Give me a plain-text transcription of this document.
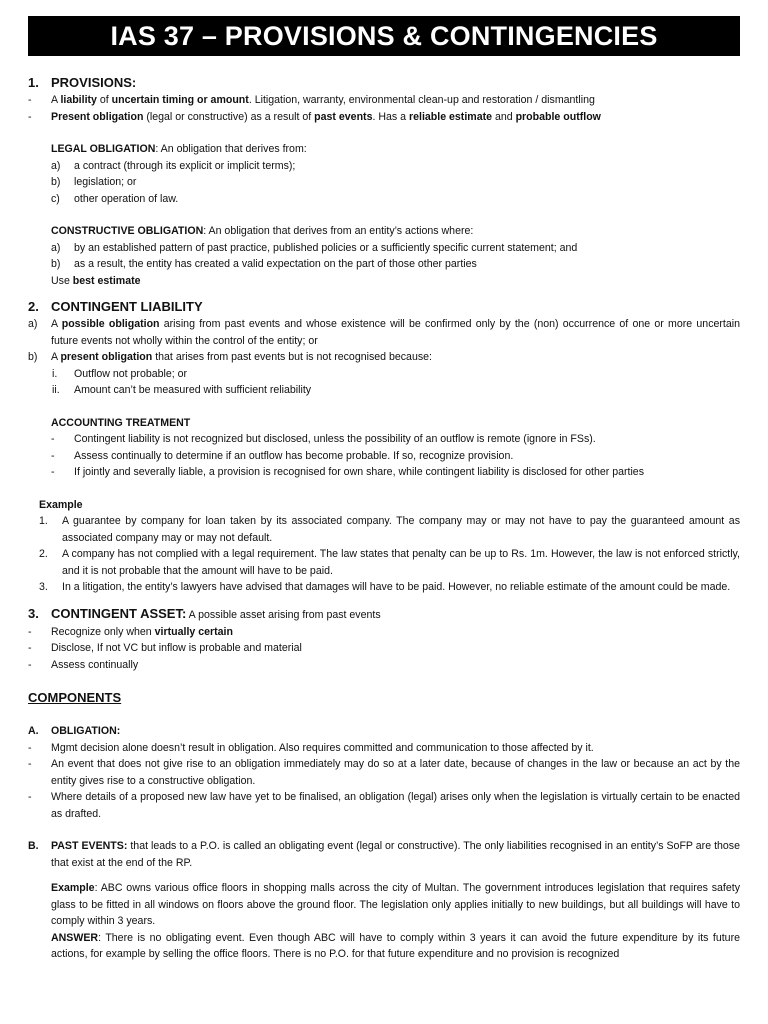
IAS 37 – PROVISIONS & CONTINGENCIES
1. PROVISIONS:
-	A liability of uncertain timing or amount. Litigation, warranty, environmental clean-up and restoration / dismantling
-	Present obligation (legal or constructive) as a result of past events. Has a reliable estimate and probable outflow
LEGAL OBLIGATION: An obligation that derives from:
a)	a contract (through its explicit or implicit terms);
b)	legislation; or
c)	other operation of law.
CONSTRUCTIVE OBLIGATION: An obligation that derives from an entity’s actions where:
a)	by an established pattern of past practice, published policies or a sufficiently specific current statement; and
b)	as a result, the entity has created a valid expectation on the part of those other parties
Use best estimate
2. CONTINGENT LIABILITY
a)	A possible obligation arising from past events and whose existence will be confirmed only by the (non) occurrence of one or more uncertain future events not wholly within the control of the entity; or
b)	A present obligation that arises from past events but is not recognised because:
i.	Outflow not probable; or
ii.	Amount can’t be measured with sufficient reliability
ACCOUNTING TREATMENT
-	Contingent liability is not recognized but disclosed, unless the possibility of an outflow is remote (ignore in FSs).
-	Assess continually to determine if an outflow has become probable. If so, recognize provision.
-	If jointly and severally liable, a provision is recognised for own share, while contingent liability is disclosed for other parties
Example
1.	A guarantee by company for loan taken by its associated company. The company may or may not have to pay the guaranteed amount as associated company may or may not default.
2.	A company has not complied with a legal requirement. The law states that penalty can be up to Rs. 1m. However, the law is not enforced strictly, and it is not probable that the amount will have to be paid.
3.	In a litigation, the entity’s lawyers have advised that damages will have to be paid. However, no reliable estimate of the amount could be made.
3. CONTINGENT ASSET: A possible asset arising from past events
-	Recognize only when virtually certain
-	Disclose, If not VC but inflow is probable and material
-	Assess continually
COMPONENTS
A.	OBLIGATION:
-	Mgmt decision alone doesn’t result in obligation. Also requires committed and communication to those affected by it.
-	An event that does not give rise to an obligation immediately may do so at a later date, because of changes in the law or because an act by the entity gives rise to a constructive obligation.
-	Where details of a proposed new law have yet to be finalised, an obligation (legal) arises only when the legislation is virtually certain to be enacted as drafted.
B.	PAST EVENTS: that leads to a P.O. is called an obligating event (legal or constructive). The only liabilities recognised in an entity’s SoFP are those that exist at the end of the RP.
Example: ABC owns various office floors in shopping malls across the city of Multan. The government introduces legislation that requires safety glass to be fitted in all windows on floors above the ground floor. The legislation only applies initially to new buildings, but all buildings will have to comply within 3 years.
ANSWER: There is no obligating event. Even though ABC will have to comply within 3 years it can avoid the future expenditure by its future actions, for example by selling the office floors. There is no P.O. for that future expenditure and no provision is recognized
